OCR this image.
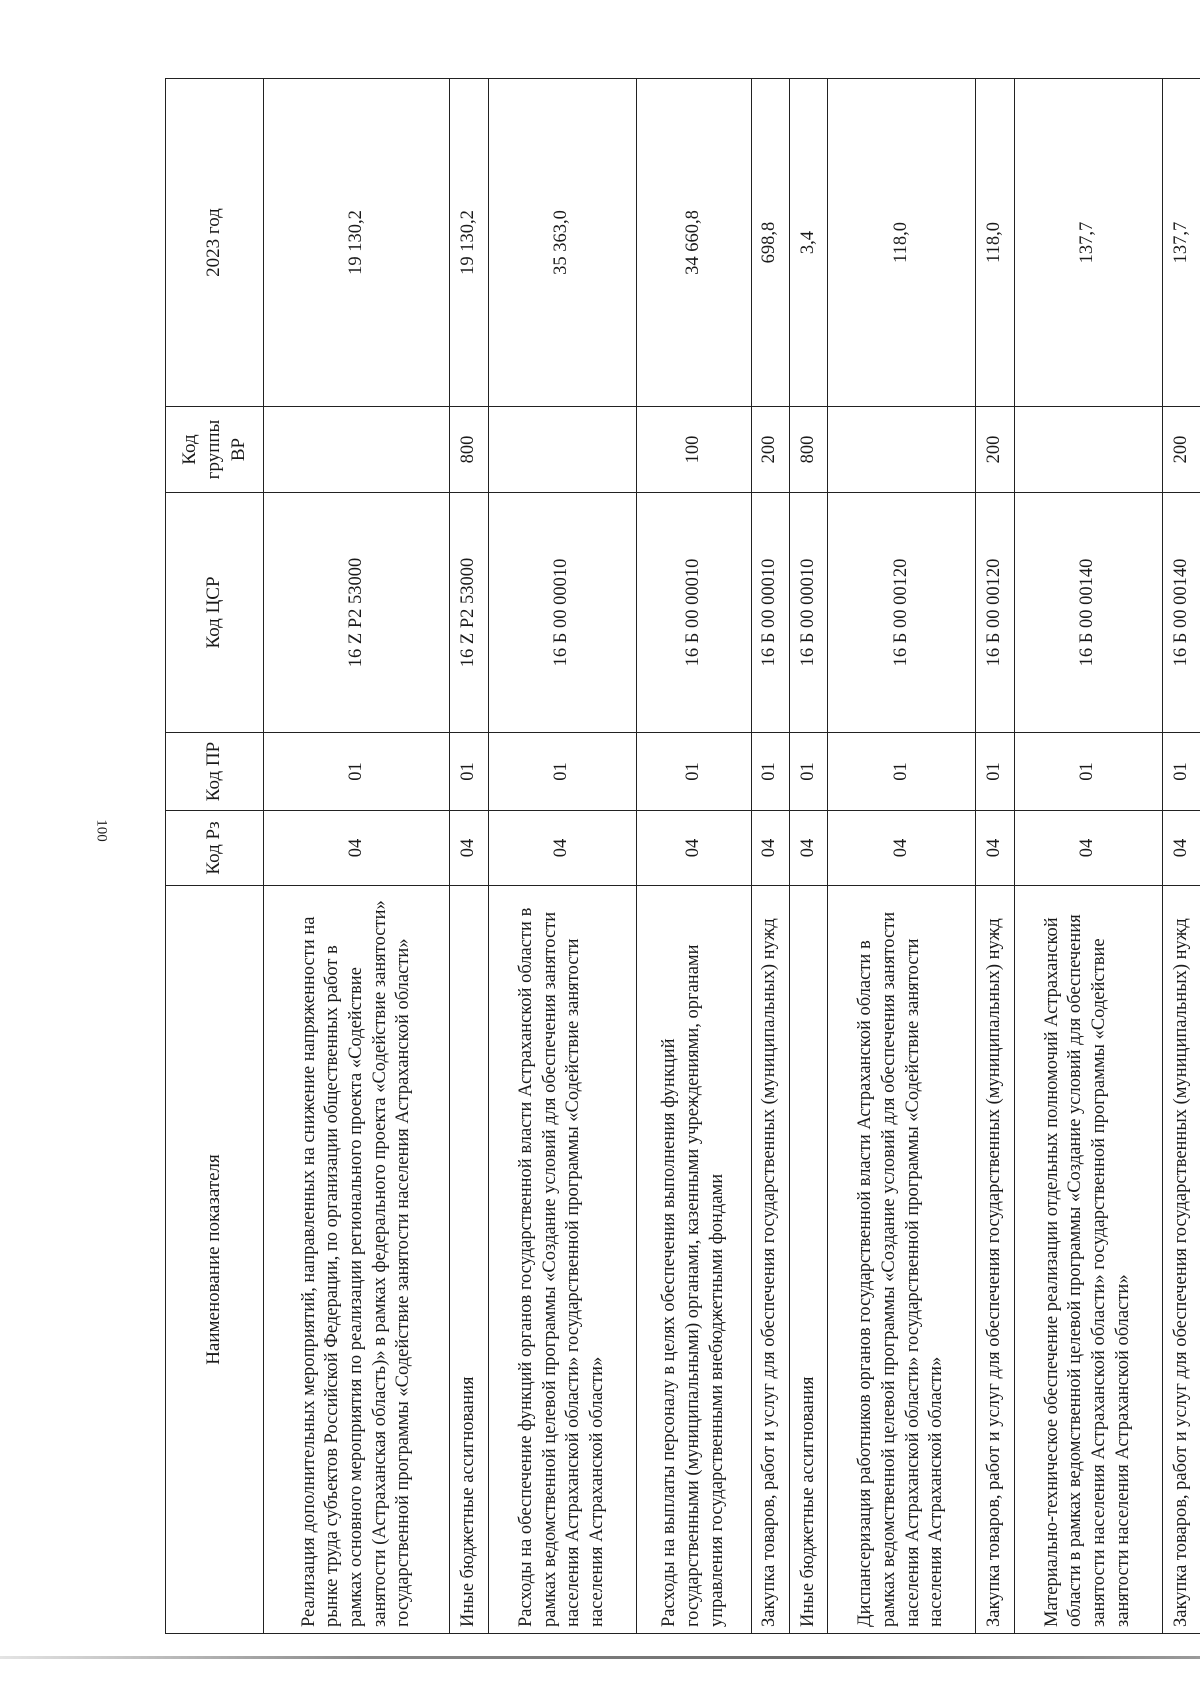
100
Наименование показателя	Код Рз	Код ПР	Код ЦСР	Код группы ВР	2023 год
Реализация дополнительных мероприятий, направленных на снижение напряженности на рынке труда субъектов Российской Федерации, по организации общественных работ в рамках основного мероприятия по реализации регионального проекта «Содействие занятости (Астраханская область)» в рамках федерального проекта «Содействие занятости» государственной программы «Содействие занятости населения Астраханской области»	04	01	16 Z Р2 53000		19 130,2
Иные бюджетные ассигнования	04	01	16 Z Р2 53000	800	19 130,2
Расходы на обеспечение функций органов государственной власти Астраханской области в рамках ведомственной целевой программы «Создание условий для обеспечения занятости населения Астраханской области» государственной программы «Содействие занятости населения Астраханской области»	04	01	16 Б 00 00010		35 363,0
Расходы на выплаты персоналу в целях обеспечения выполнения функций государственными (муниципальными) органами, казенными учреждениями, органами управления государственными внебюджетными фондами	04	01	16 Б 00 00010	100	34 660,8
Закупка товаров, работ и услуг для обеспечения государственных (муниципальных) нужд	04	01	16 Б 00 00010	200	698,8
Иные бюджетные ассигнования	04	01	16 Б 00 00010	800	3,4
Диспансеризация работников органов государственной власти Астраханской области в рамках ведомственной целевой программы «Создание условий для обеспечения занятости населения Астраханской области» государственной программы «Содействие занятости населения Астраханской области»	04	01	16 Б 00 00120		118,0
Закупка товаров, работ и услуг для обеспечения государственных (муниципальных) нужд	04	01	16 Б 00 00120	200	118,0
Материально-техническое обеспечение реализации отдельных полномочий Астраханской области в рамках ведомственной целевой программы «Создание условий для обеспечения занятости населения Астраханской области» государственной программы «Содействие занятости населения Астраханской области»	04	01	16 Б 00 00140		137,7
Закупка товаров, работ и услуг для обеспечения государственных (муниципальных) нужд	04	01	16 Б 00 00140	200	137,7
